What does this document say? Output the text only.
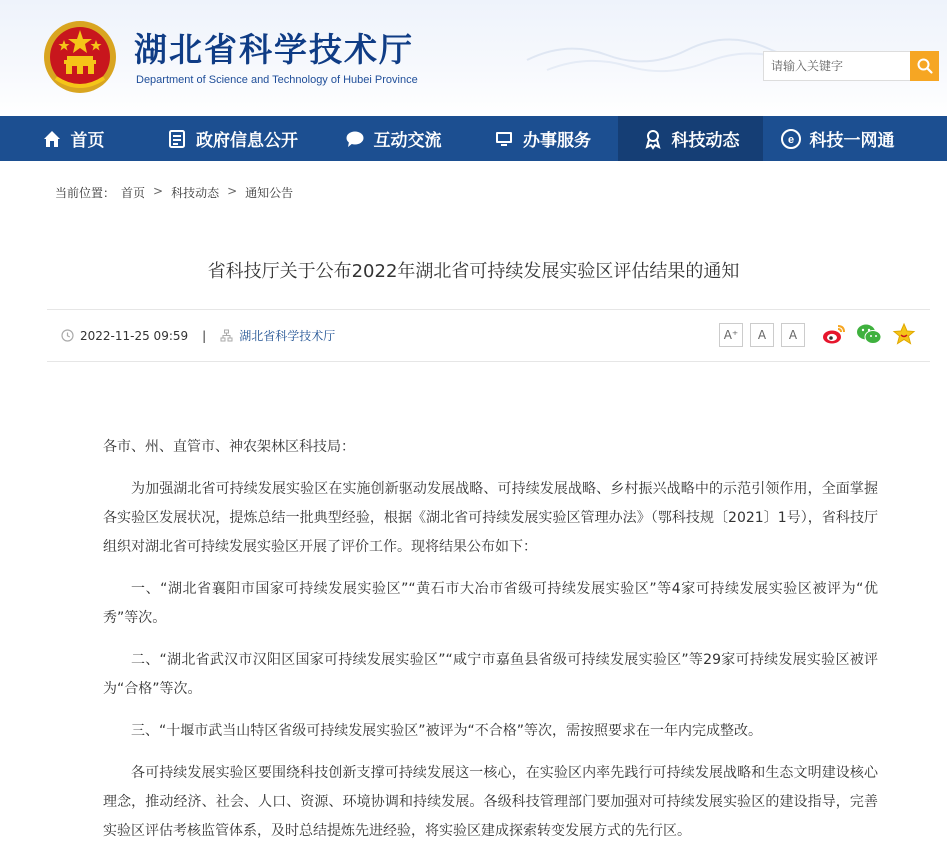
湖北省科学技术厅
Department of Science and Technology of Hubei Province
请输入关键字
首页	政府信息公开	互动交流	办事服务	科技动态	e 科技一网通
当前位置： 首页 > 科技动态 > 通知公告
省科技厅关于公布2022年湖北省可持续发展实验区评估结果的通知
2022-11-25 09:59 |	湖北省科学技术厅	A⁺	A	A

各市、州、直管市、神农架林区科技局：

为加强湖北省可持续发展实验区在实施创新驱动发展战略、可持续发展战略、乡村振兴战略中的示范引领作用，全面掌握各实验区发展状况，提炼总结一批典型经验，根据《湖北省可持续发展实验区管理办法》（鄂科技规〔2021〕1号），省科技厅组织对湖北省可持续发展实验区开展了评价工作。现将结果公布如下：

一、“湖北省襄阳市国家可持续发展实验区”“黄石市大冶市省级可持续发展实验区”等4家可持续发展实验区被评为“优秀”等次。

二、“湖北省武汉市汉阳区国家可持续发展实验区”“咸宁市嘉鱼县省级可持续发展实验区”等29家可持续发展实验区被评为“合格”等次。

三、“十堰市武当山特区省级可持续发展实验区”被评为“不合格”等次，需按照要求在一年内完成整改。

各可持续发展实验区要围绕科技创新支撑可持续发展这一核心，在实验区内率先践行可持续发展战略和生态文明建设核心理念，推动经济、社会、人口、资源、环境协调和持续发展。各级科技管理部门要加强对可持续发展实验区的建设指导，完善实验区评估考核监管体系，及时总结提炼先进经验，将实验区建成探索转变发展方式的先行区。
